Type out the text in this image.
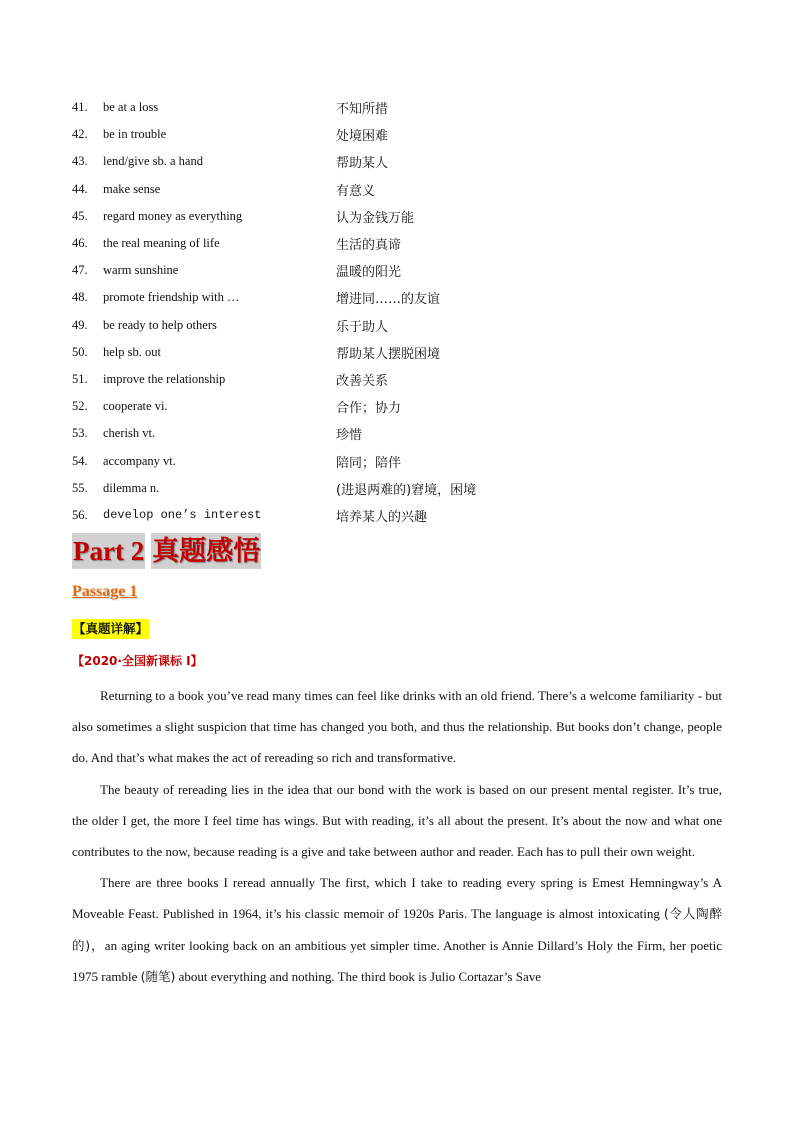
41.	be at a loss	不知所措
42.	be in trouble	处境困难
43.	lend/give sb. a hand	帮助某人
44.	make sense	有意义
45.	regard money as everything	认为金钱万能
46.	the real meaning of life	生活的真谛
47.	warm sunshine	温暖的阳光
48.	promote friendship with …	增进同……的友谊
49.	be ready to help others	乐于助人
50.	help sb. out	帮助某人摆脱困境
51.	improve the relationship	改善关系
52.	cooperate vi.	合作；协力
53.	cherish vt.	珍惜
54.	accompany vt.	陪同；陪伴
55.	dilemma n.	(进退两难的)窘境，困境
56.	develop one’s interest	培养某人的兴趣
Part 2 真题感悟
Passage 1
【真题详解】
【2020·全国新课标 I】

Returning to a book you’ve read many times can feel like drinks with an old friend. There’s a welcome familiarity - but also sometimes a slight suspicion that time has changed you both, and thus the relationship. But books don’t change, people do. And that’s what makes the act of rereading so rich and transformative.

The beauty of rereading lies in the idea that our bond with the work is based on our present mental register. It’s true, the older I get, the more I feel time has wings. But with reading, it’s all about the present. It’s about the now and what one contributes to the now, because reading is a give and take between author and reader. Each has to pull their own weight.

There are three books I reread annually The first, which I take to reading every spring is Emest Hemningway’s A Moveable Feast. Published in 1964, it’s his classic memoir of 1920s Paris. The language is almost intoxicating (令人陶醉的)，an aging writer looking back on an ambitious yet simpler time. Another is Annie Dillard’s Holy the Firm, her poetic 1975 ramble (随笔) about everything and nothing. The third book is Julio Cortazar’s Save
